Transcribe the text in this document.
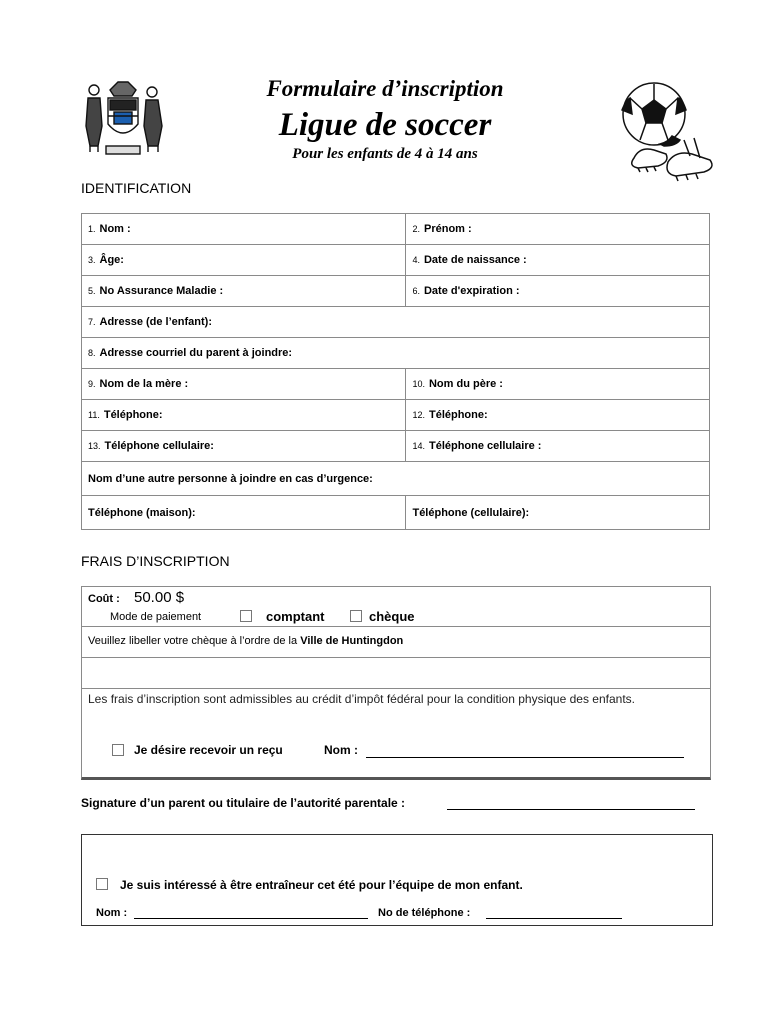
Formulaire d’inscription
Ligue de soccer
Pour les enfants de 4 à 14 ans
IDENTIFICATION
1. Nom :	2. Prénom :
3. Âge:	4. Date de naissance :
5. No Assurance Maladie :	6. Date d'expiration :
7. Adresse (de l’enfant):	
8. Adresse courriel du parent à joindre:	
9. Nom de la mère :	10. Nom du père :
11. Téléphone:	12. Téléphone:
13. Téléphone cellulaire:	14. Téléphone cellulaire :
Nom d’une autre personne à joindre en cas d’urgence:	
Téléphone (maison):	Téléphone (cellulaire):
FRAIS D’INSCRIPTION
Coût : 50.00 $
Mode de paiement	comptant	chèque
Veuillez libeller votre chèque à l’ordre de la Ville de Huntingdon
Les frais d’inscription sont admissibles au crédit d’impôt fédéral pour la condition physique des enfants.
Je désire recevoir un reçu	Nom :
Signature d’un parent ou titulaire de l’autorité parentale :
Je suis intéressé à être entraîneur cet été pour l’équipe de mon enfant.
Nom :	No de téléphone :
